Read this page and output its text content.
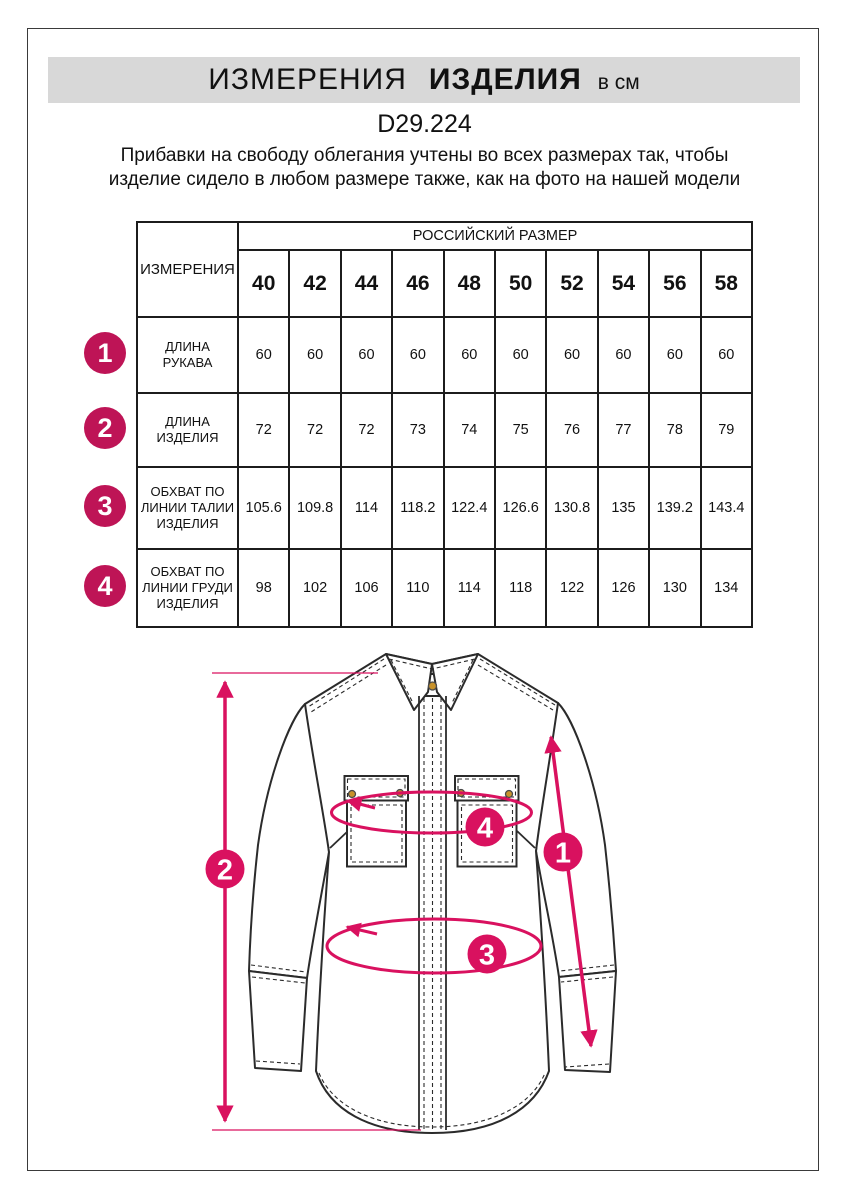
ИЗМЕРЕНИЯ ИЗДЕЛИЯ в см
D29.224
Прибавки на свободу облегания учтены во всех размерах так, чтобы изделие сидело в любом размере также, как на фото на нашей модели
ИЗМЕРЕНИЯ	РОССИЙСКИЙ РАЗМЕР									
	40	42	44	46	48	50	52	54	56	58
ДЛИНА РУКАВА	60	60	60	60	60	60	60	60	60	60
ДЛИНА ИЗДЕЛИЯ	72	72	72	73	74	75	76	77	78	79
ОБХВАТ ПО ЛИНИИ ТАЛИИ ИЗДЕЛИЯ	105.6	109.8	114	118.2	122.4	126.6	130.8	135	139.2	143.4
ОБХВАТ ПО ЛИНИИ ГРУДИ ИЗДЕЛИЯ	98	102	106	110	114	118	122	126	130	134
1
2
3
4
2
1
4
3
